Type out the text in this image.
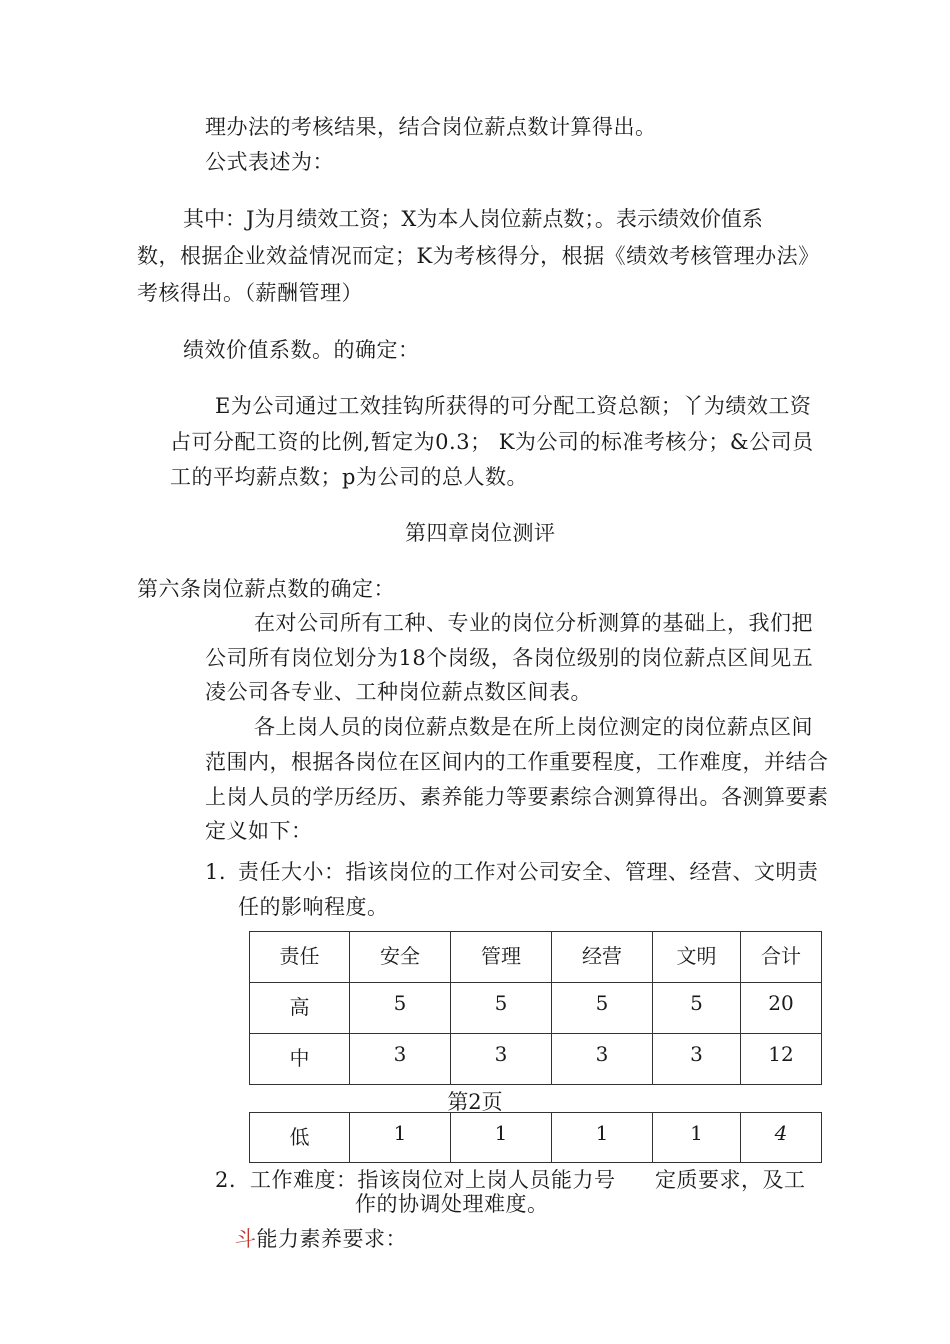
理办法的考核结果，结合岗位薪点数计算得出。
公式表述为：
其中：J为月绩效工资；X为本人岗位薪点数；。表示绩效价值系
数，根据企业效益情况而定；K为考核得分，根据《绩效考核管理办法》
考核得出。（薪酬管理）
绩效价值系数。的确定：
E为公司通过工效挂钩所获得的可分配工资总额；丫为绩效工资
占可分配工资的比例,暂定为0.3； K为公司的标准考核分；&公司员
工的平均薪点数；p为公司的总人数。
第四章岗位测评
第六条岗位薪点数的确定：
在对公司所有工种、专业的岗位分析测算的基础上，我们把
公司所有岗位划分为18个岗级，各岗位级别的岗位薪点区间见五
凌公司各专业、工种岗位薪点数区间表。
各上岗人员的岗位薪点数是在所上岗位测定的岗位薪点区间
范围内，根据各岗位在区间内的工作重要程度，工作难度，并结合
上岗人员的学历经历、素养能力等要素综合测算得出。各测算要素
定义如下：
1. 责任大小：指该岗位的工作对公司安全、管理、经营、文明责
任的影响程度。
责任	安全	管理	经营	文明	合计
高	5	5	5	5	20
中	3	3	3	3	12
第2页
低	1	1	1	1	4
2. 工作难度：指该岗位对上岗人员能力号 定质要求，及工
作的协调处理难度。
斗能力素养要求：
